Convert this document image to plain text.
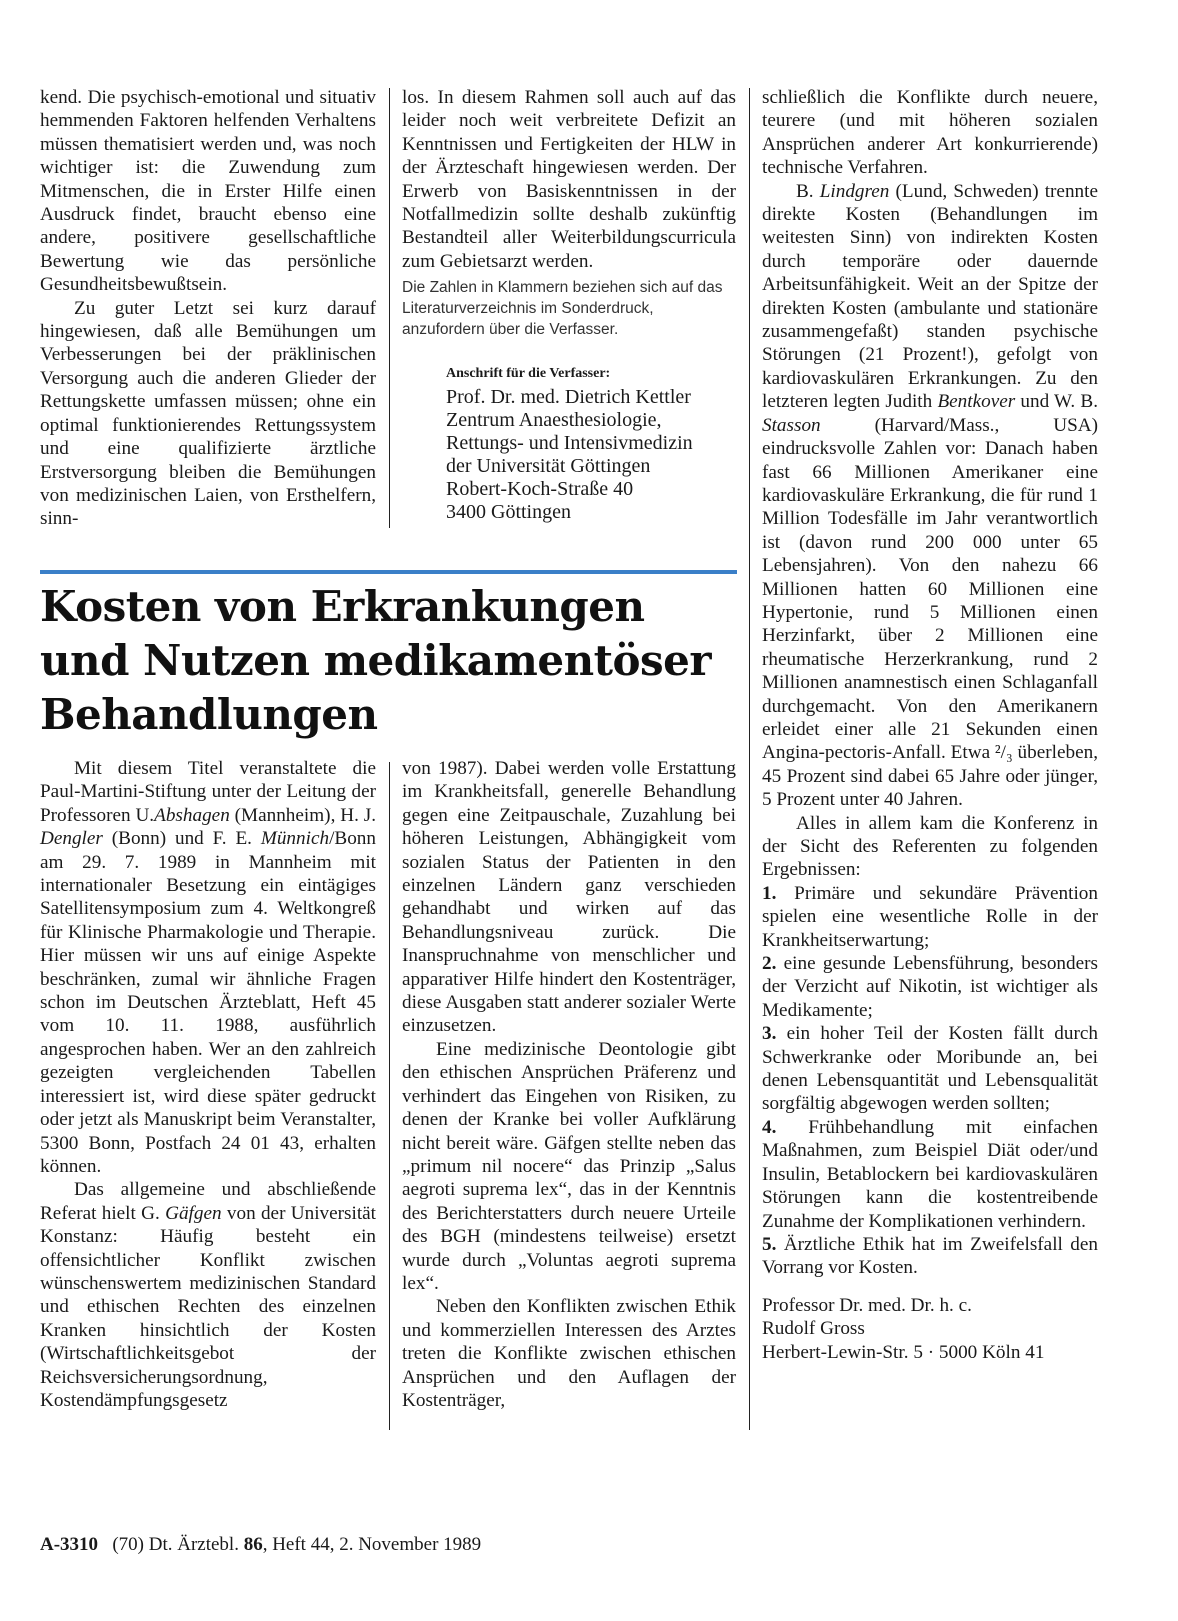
kend. Die psychisch-emotional und situativ hemmenden Faktoren helfenden Verhaltens müssen thematisiert werden und, was noch wichtiger ist: die Zuwendung zum Mitmenschen, die in Erster Hilfe einen Ausdruck findet, braucht ebenso eine andere, positivere gesellschaftliche Bewertung wie das persönliche Gesundheitsbewußtsein.

Zu guter Letzt sei kurz darauf hingewiesen, daß alle Bemühungen um Verbesserungen bei der präklinischen Versorgung auch die anderen Glieder der Rettungskette umfassen müssen; ohne ein optimal funktionierendes Rettungssystem und eine qualifizierte ärztliche Erstversorgung bleiben die Bemühungen von medizinischen Laien, von Ersthelfern, sinn-

los. In diesem Rahmen soll auch auf das leider noch weit verbreitete Defizit an Kenntnissen und Fertigkeiten der HLW in der Ärzteschaft hingewiesen werden. Der Erwerb von Basiskenntnissen in der Notfallmedizin sollte deshalb zukünftig Bestandteil aller Weiterbildungscurricula zum Gebietsarzt werden.

Die Zahlen in Klammern beziehen sich auf das Literaturverzeichnis im Sonderdruck, anzufordern über die Verfasser.

Anschrift für die Verfasser:

Prof. Dr. med. Dietrich Kettler
Zentrum Anaesthesiologie,
Rettungs- und Intensivmedizin
der Universität Göttingen
Robert-Koch-Straße 40
3400 Göttingen
Kosten von Erkrankungen und Nutzen medikamentöser Behandlungen

Mit diesem Titel veranstaltete die Paul-Martini-Stiftung unter der Leitung der Professoren U.Abshagen (Mannheim), H. J. Dengler (Bonn) und F. E. Münnich/Bonn am 29. 7. 1989 in Mannheim mit internationaler Besetzung ein eintägiges Satellitensymposium zum 4. Weltkongreß für Klinische Pharmakologie und Therapie. Hier müssen wir uns auf einige Aspekte beschränken, zumal wir ähnliche Fragen schon im Deutschen Ärzteblatt, Heft 45 vom 10. 11. 1988, ausführlich angesprochen haben. Wer an den zahlreich gezeigten vergleichenden Tabellen interessiert ist, wird diese später gedruckt oder jetzt als Manuskript beim Veranstalter, 5300 Bonn, Postfach 24 01 43, erhalten können.

Das allgemeine und abschließende Referat hielt G. Gäfgen von der Universität Konstanz: Häufig besteht ein offensichtlicher Konflikt zwischen wünschenswertem medizinischen Standard und ethischen Rechten des einzelnen Kranken hinsichtlich der Kosten (Wirtschaftlichkeitsgebot der Reichsversicherungsordnung, Kostendämpfungsgesetz

von 1987). Dabei werden volle Erstattung im Krankheitsfall, generelle Behandlung gegen eine Zeitpauschale, Zuzahlung bei höheren Leistungen, Abhängigkeit vom sozialen Status der Patienten in den einzelnen Ländern ganz verschieden gehandhabt und wirken auf das Behandlungsniveau zurück. Die Inanspruchnahme von menschlicher und apparativer Hilfe hindert den Kostenträger, diese Ausgaben statt anderer sozialer Werte einzusetzen.

Eine medizinische Deontologie gibt den ethischen Ansprüchen Präferenz und verhindert das Eingehen von Risiken, zu denen der Kranke bei voller Aufklärung nicht bereit wäre. Gäfgen stellte neben das „primum nil nocere“ das Prinzip „Salus aegroti suprema lex“, das in der Kenntnis des Berichterstatters durch neuere Urteile des BGH (mindestens teilweise) ersetzt wurde durch „Voluntas aegroti suprema lex“.

Neben den Konflikten zwischen Ethik und kommerziellen Interessen des Arztes treten die Konflikte zwischen ethischen Ansprüchen und den Auflagen der Kostenträger,

schließlich die Konflikte durch neuere, teurere (und mit höheren sozialen Ansprüchen anderer Art konkurrierende) technische Verfahren.

B. Lindgren (Lund, Schweden) trennte direkte Kosten (Behandlungen im weitesten Sinn) von indirekten Kosten durch temporäre oder dauernde Arbeitsunfähigkeit. Weit an der Spitze der direkten Kosten (ambulante und stationäre zusammengefaßt) standen psychische Störungen (21 Prozent!), gefolgt von kardiovaskulären Erkrankungen. Zu den letzteren legten Judith Bentkover und W. B. Stasson (Harvard/Mass., USA) eindrucksvolle Zahlen vor: Danach haben fast 66 Millionen Amerikaner eine kardiovaskuläre Erkrankung, die für rund 1 Million Todesfälle im Jahr verantwortlich ist (davon rund 200 000 unter 65 Lebensjahren). Von den nahezu 66 Millionen hatten 60 Millionen eine Hypertonie, rund 5 Millionen einen Herzinfarkt, über 2 Millionen eine rheumatische Herzerkrankung, rund 2 Millionen anamnestisch einen Schlaganfall durchgemacht. Von den Amerikanern erleidet einer alle 21 Sekunden einen Angina-pectoris-Anfall. Etwa ²/₃ überleben, 45 Prozent sind dabei 65 Jahre oder jünger, 5 Prozent unter 40 Jahren.

Alles in allem kam die Konferenz in der Sicht des Referenten zu folgenden Ergebnissen:

1. Primäre und sekundäre Prävention spielen eine wesentliche Rolle in der Krankheitserwartung;

2. eine gesunde Lebensführung, besonders der Verzicht auf Nikotin, ist wichtiger als Medikamente;

3. ein hoher Teil der Kosten fällt durch Schwerkranke oder Moribunde an, bei denen Lebensquantität und Lebensqualität sorgfältig abgewogen werden sollten;

4. Frühbehandlung mit einfachen Maßnahmen, zum Beispiel Diät oder/und Insulin, Betablockern bei kardiovaskulären Störungen kann die kostentreibende Zunahme der Komplikationen verhindern.

5. Ärztliche Ethik hat im Zweifelsfall den Vorrang vor Kosten.

Professor Dr. med. Dr. h. c.

Rudolf Gross

Herbert-Lewin-Str. 5 · 5000 Köln 41

A-3310 (70) Dt. Ärztebl. 86, Heft 44, 2. November 1989
